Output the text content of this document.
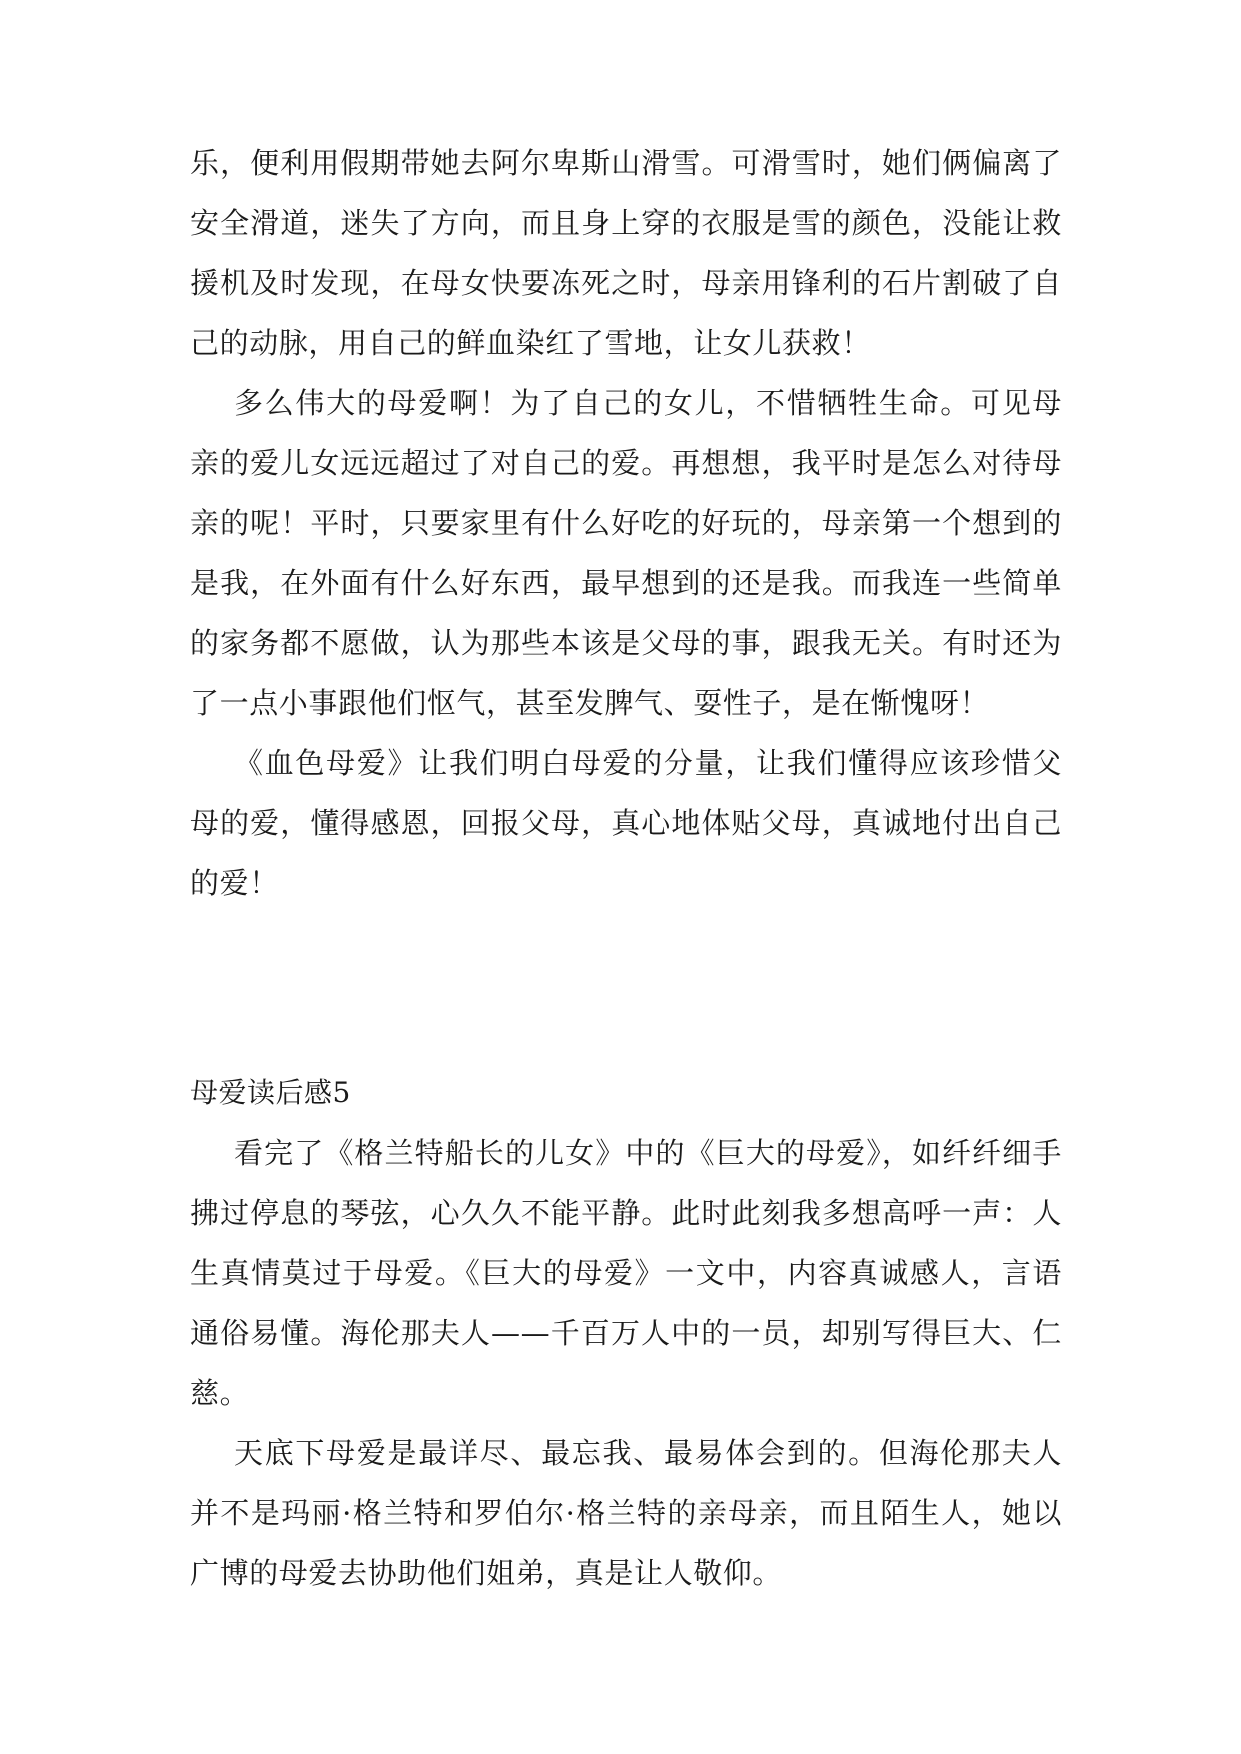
乐，便利用假期带她去阿尔卑斯山滑雪。可滑雪时，她们俩偏离了安全滑道，迷失了方向，而且身上穿的衣服是雪的颜色，没能让救援机及时发现，在母女快要冻死之时，母亲用锋利的石片割破了自己的动脉，用自己的鲜血染红了雪地，让女儿获救！

多么伟大的母爱啊！为了自己的女儿，不惜牺牲生命。可见母亲的爱儿女远远超过了对自己的爱。再想想，我平时是怎么对待母亲的呢！平时，只要家里有什么好吃的好玩的，母亲第一个想到的是我，在外面有什么好东西，最早想到的还是我。而我连一些简单的家务都不愿做，认为那些本该是父母的事，跟我无关。有时还为了一点小事跟他们怄气，甚至发脾气、耍性子，是在惭愧呀！

《血色母爱》让我们明白母爱的分量，让我们懂得应该珍惜父母的爱，懂得感恩，回报父母，真心地体贴父母，真诚地付出自己的爱！

母爱读后感5

看完了《格兰特船长的儿女》中的《巨大的母爱》，如纤纤细手拂过停息的琴弦，心久久不能平静。此时此刻我多想高呼一声：人生真情莫过于母爱。《巨大的母爱》一文中，内容真诚感人，言语通俗易懂。海伦那夫人——千百万人中的一员，却别写得巨大、仁慈。

天底下母爱是最详尽、最忘我、最易体会到的。但海伦那夫人并不是玛丽·格兰特和罗伯尔·格兰特的亲母亲，而且陌生人，她以广博的母爱去协助他们姐弟，真是让人敬仰。
